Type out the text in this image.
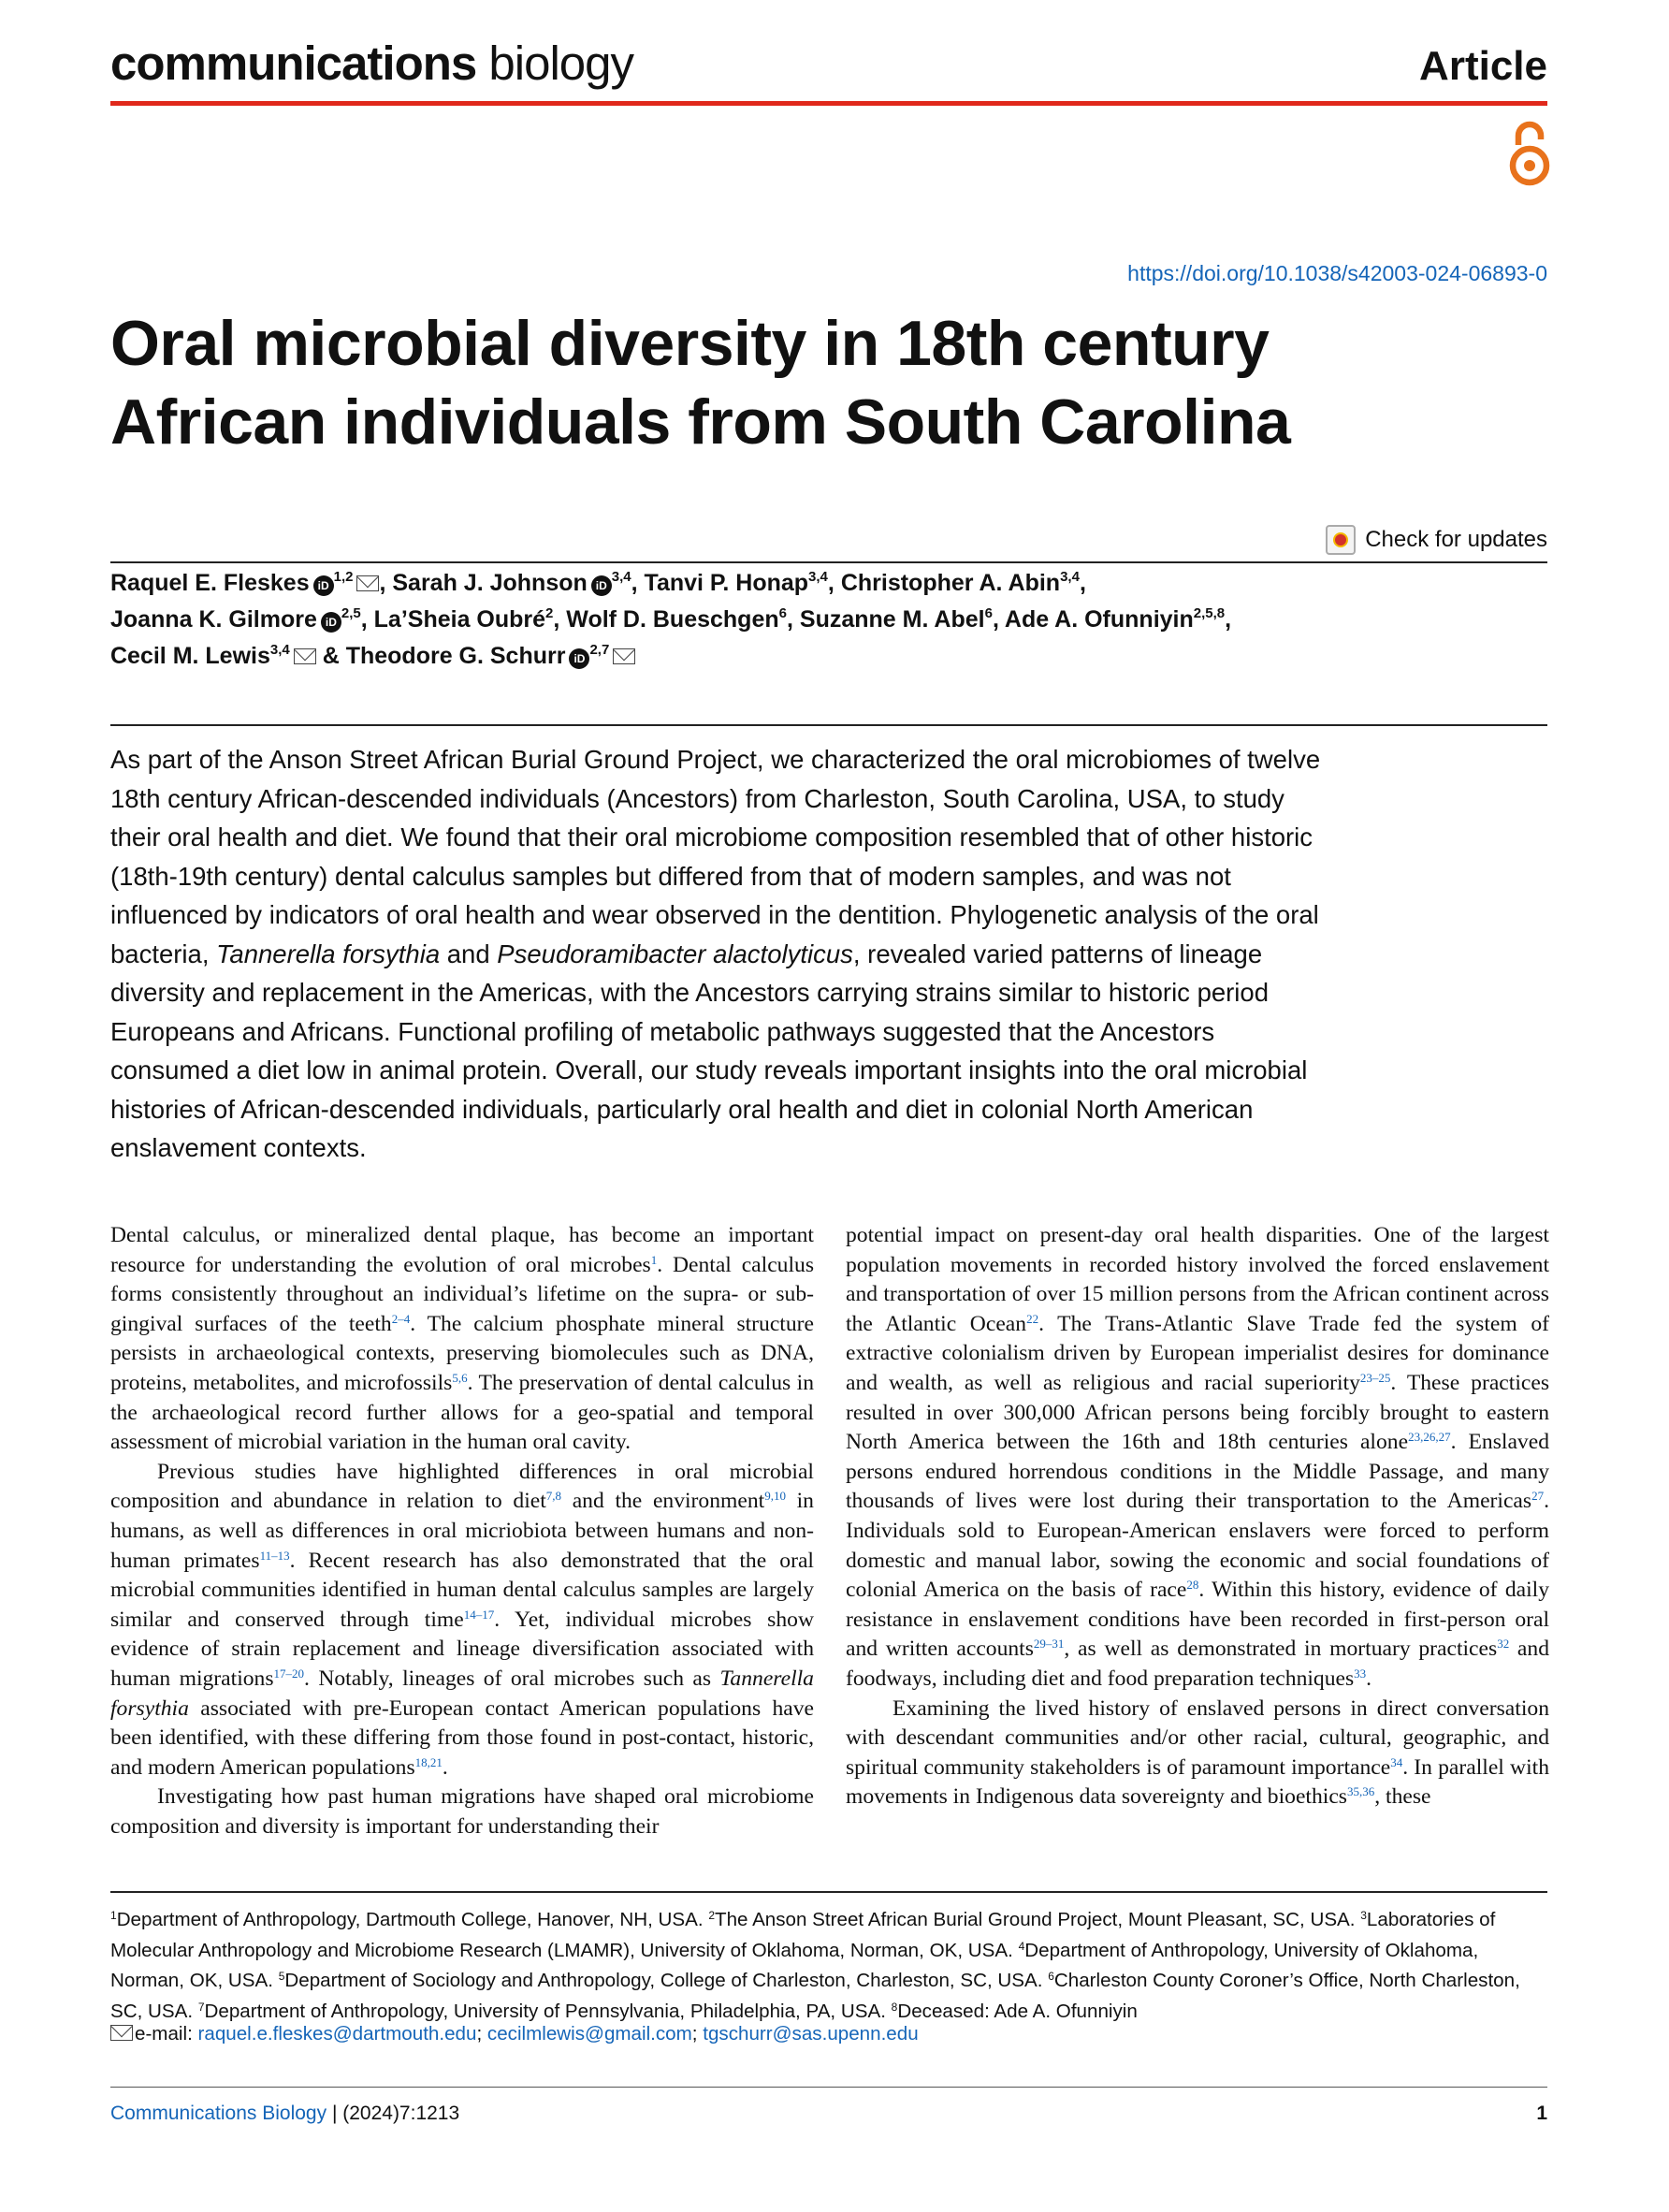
communications biology	Article
https://doi.org/10.1038/s42003-024-06893-0
Oral microbial diversity in 18th century
African individuals from South Carolina
Check for updates
Raquel E. Fleskes iD$^{1,2}$ , Sarah J. Johnson iD$^{3,4}$, Tanvi P. Honap$^{3,4}$, Christopher A. Abin$^{3,4}$,
Joanna K. Gilmore iD$^{2,5}$, La’Sheia Oubré$^2$, Wolf D. Bueschgen$^6$, Suzanne M. Abel$^6$, Ade A. Ofunniyin$^{2,5,8}$,
Cecil M. Lewis$^{3,4}$ & Theodore G. Schurr iD$^{2,7}$

As part of the Anson Street African Burial Ground Project, we characterized the oral microbiomes of twelve 18th century African-descended individuals (Ancestors) from Charleston, South Carolina, USA, to study their oral health and diet. We found that their oral microbiome composition resembled that of other historic (18th-19th century) dental calculus samples but differed from that of modern samples, and was not influenced by indicators of oral health and wear observed in the dentition. Phylogenetic analysis of the oral bacteria, Tannerella forsythia and Pseudoramibacter alactolyticus, revealed varied patterns of lineage diversity and replacement in the Americas, with the Ancestors carrying strains similar to historic period Europeans and Africans. Functional profiling of metabolic pathways suggested that the Ancestors consumed a diet low in animal protein. Overall, our study reveals important insights into the oral microbial histories of African-descended individuals, particularly oral health and diet in colonial North American enslavement contexts.

Dental calculus, or mineralized dental plaque, has become an important resource for understanding the evolution of oral microbes$^1$. Dental calculus forms consistently throughout an individual’s lifetime on the supra- or sub-gingival surfaces of the teeth$^{2-4}$. The calcium phosphate mineral structure persists in archaeological contexts, preserving biomolecules such as DNA, proteins, metabolites, and microfossils$^{5,6}$. The preservation of dental calculus in the archaeological record further allows for a geo-spatial and temporal assessment of microbial variation in the human oral cavity.

Previous studies have highlighted differences in oral microbial composition and abundance in relation to diet$^{7,8}$ and the environment$^{9,10}$ in humans, as well as differences in oral micriobiota between humans and non-human primates$^{11-13}$. Recent research has also demonstrated that the oral microbial communities identified in human dental calculus samples are largely similar and conserved through time$^{14-17}$. Yet, individual microbes show evidence of strain replacement and lineage diversification associated with human migrations$^{17-20}$. Notably, lineages of oral microbes such as Tannerella forsythia associated with pre-European contact American populations have been identified, with these differing from those found in post-contact, historic, and modern American populations$^{18,21}$.

Investigating how past human migrations have shaped oral microbiome composition and diversity is important for understanding their

potential impact on present-day oral health disparities. One of the largest population movements in recorded history involved the forced enslavement and transportation of over 15 million persons from the African continent across the Atlantic Ocean$^{22}$. The Trans-Atlantic Slave Trade fed the system of extractive colonialism driven by European imperialist desires for dominance and wealth, as well as religious and racial superiority$^{23-25}$. These practices resulted in over 300,000 African persons being forcibly brought to eastern North America between the 16th and 18th centuries alone$^{23,26,27}$. Enslaved persons endured horrendous conditions in the Middle Passage, and many thousands of lives were lost during their transportation to the Americas$^{27}$. Individuals sold to European-American enslavers were forced to perform domestic and manual labor, sowing the economic and social foundations of colonial America on the basis of race$^{28}$. Within this history, evidence of daily resistance in enslavement conditions have been recorded in first-person oral and written accounts$^{29-31}$, as well as demonstrated in mortuary practices$^{32}$ and foodways, including diet and food preparation techniques$^{33}$.

Examining the lived history of enslaved persons in direct conversation with descendant communities and/or other racial, cultural, geographic, and spiritual community stakeholders is of paramount importance$^{34}$. In parallel with movements in Indigenous data sovereignty and bioethics$^{35,36}$, these

$^1$Department of Anthropology, Dartmouth College, Hanover, NH, USA. $^2$The Anson Street African Burial Ground Project, Mount Pleasant, SC, USA. $^3$Laboratories of Molecular Anthropology and Microbiome Research (LMAMR), University of Oklahoma, Norman, OK, USA. $^4$Department of Anthropology, University of Oklahoma, Norman, OK, USA. $^5$Department of Sociology and Anthropology, College of Charleston, Charleston, SC, USA. $^6$Charleston County Coroner’s Office, North Charleston, SC, USA. $^7$Department of Anthropology, University of Pennsylvania, Philadelphia, PA, USA. $^8$Deceased: Ade A. Ofunniyin

e-mail: raquel.e.fleskes@dartmouth.edu; cecilmlewis@gmail.com; tgschurr@sas.upenn.edu
Communications Biology | (2024)7:1213	1
